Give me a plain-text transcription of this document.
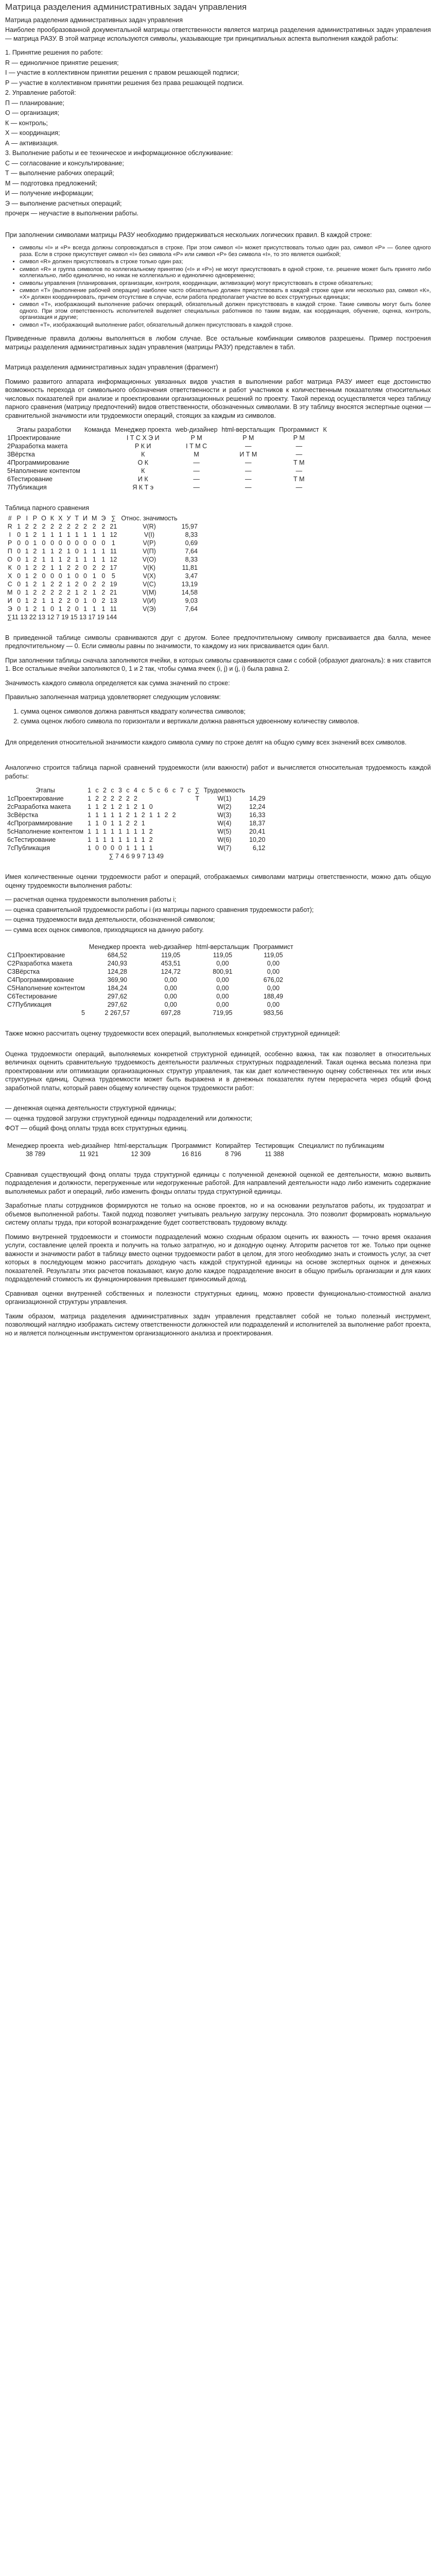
Матрица разделения административных задач управления

Матрица разделения административных задач управления

Наиболее прообразованной документальной матрицы ответственности является матрица разделения административных задач управления — матрица РАЗУ. В этой матрице используются символы, указывающие три принципиальных аспекта выполнения каждой работы:

1. Принятие решения по работе:

R — единоличное принятие решения;

I — участие в коллективном принятии решения с правом решающей подписи;

P — участие в коллективном принятии решения без права решающей подписи.

2. Управление работой:

П — планирование;

О — организация;

К — контроль;

Х — координация;

А — активизация.

3. Выполнение работы и ее техническое и информационное обслуживание:

С — согласование и консультирование;

Т — выполнение рабочих операций;

М — подготовка предложений;

И — получение информации;

Э — выполнение расчетных операций;

прочерк — неучастие в выполнении работы.

При заполнении символами матрицы РАЗУ необходимо придерживаться нескольких логических правил. В каждой строке:

• символы «I» и «P» всегда должны сопровождаться в строке. При этом символ «I» может присутствовать только один раз, символ «P» — более одного раза. Если в строке присутствует символ «I» без символа «P» или символ «P» без символа «I», то это является ошибкой;
• символ «R» должен присутствовать в строке только один раз;
• символ «R» и группа символов по коллегиальному принятию («I» и «P») не могут присутствовать в одной строке, т.е. решение может быть принято либо коллегиально, либо единолично, но никак не коллегиально и единолично одновременно;
• символы управления (планирования, организации, контроля, координации, активизации) могут присутствовать в строке обязательно;
• символ «Т» (выполнение рабочей операции) наиболее часто обязательно должен присутствовать в каждой строке одни или несколько раз, символ «К», «Х» должен координировать, причем отсутствие в случае, если работа предполагает участие во всех структурных единицах;
• символ «Т», изображающий выполнение рабочих операций, обязательный должен присутствовать в каждой строке. Такие символы могут быть более одного. При этом ответственность исполнителей выделяет специальных работников по таким видам, как координация, обучение, оценка, контроль, организация и другие;
• символ «Т», изображающий выполнение работ, обязательный должен присутствовать в каждой строке.

Приведенные правила должны выполняться в любом случае. Все остальные комбинации символов разрешены. Пример построения матрицы разделения административных задач управления (матрицы РАЗУ) представлен в табл.

Матрица разделения административных задач управления (фрагмент)

Помимо развитого аппарата информационных увязанных видов участия в выполнении работ матрица РАЗУ имеет еще достоинство возможность перехода от символьного обозначения ответственности и работ участников к количественным показателям относительных числовых показателей при анализе и проектировании организационных решений по проекту. Такой переход осуществляется через таблицу парного сравнения (матрицу предпочтений) видов ответственности, обозначенных символами. В эту таблицу вносятся экспертные оценки — сравнительной значимости или трудоемкости операций, стоящих за каждым из символов.

Этапы разработки	Команда	Менеджер проекта	web-дизайнер	html-верстальщик	Программист	К
1Проектирование		I Т С Х Э И	Р М	Р М	Р М	
2Разработка макета		Р К И	I Т М С	—	—	
3Вёрстка		К	М	И Т М	—	
4Программирование		О К	—	—	Т М	
5Наполнение контентом		К	—	—	—	
6Тестирование		И К	—	—	Т М	
7Публикация		Я К Т э	—	—	—	

Таблица парного сравнения

#	Р	І	Р	О	К	Х	У	Т	И	М	Э	∑	Отнoс. значимость	
R	1	2	2	2	2	2	2	2	2	2	2	21	V(R)	15,97
I	0	1	2	1	1	1	1	1	1	1	1	12	V(I)	8,33
P	0	0	1	0	0	0	0	0	0	0	0	1	V(P)	0,69
П	0	1	2	1	1	2	1	0	1	1	1	11	V(П)	7,64
О	0	1	2	1	1	1	2	1	1	1	1	12	V(О)	8,33
К	0	1	2	2	1	1	2	2	0	2	2	17	V(К)	11,81
Х	0	1	2	0	0	0	1	0	0	1	0	5	V(Х)	3,47
С	0	1	2	1	2	2	1	2	0	2	2	19	V(С)	13,19
М	0	1	2	2	2	2	2	1	2	1	2	21	V(М)	14,58
И	0	1	2	1	1	2	2	0	1	0	2	13	V(И)	9,03
Э	0	1	2	1	0	1	2	0	1	1	1	11	V(Э)	7,64
∑11 13 22 13 12 7 19 15 13 17 19 144														

В приведенной таблице символы сравниваются друг с другом. Более предпочтительному символу присваивается два балла, менее предпочтительному — 0. Если символы равны по значимости, то каждому из них присваивается один балл.

При заполнении таблицы сначала заполняются ячейки, в которых символы сравниваются сами с собой (образуют диагональ): в них ставится 1. Все остальные ячейки заполняются 0, 1 и 2 так, чтобы сумма ячеек (i, j) и (j, i) была равна 2.

Значимость каждого символа определяется как сумма значений по строке:

Правильно заполненная матрица удовлетворяет следующим условиям:

1. сумма оценок символов должна равняться квадрату количества символов;
2. сумма оценок любого символа по горизонтали и вертикали должна равняться удвоенному количеству символов.

Для определения относительной значимости каждого символа сумму по строке делят на общую сумму всех значений всех символов.

Аналогично строится таблица парной сравнений трудоемкости (или важности) работ и вычисляется относительная трудоемкость каждой работы:

Этапы	1	с	2	с	3	с	4	с	5	с	6	с	7	с	∑	Трудоемкость	
1сПроектирование	1	2	2	2	2	2	2								Т	W(1)	14,29
2сРазработка макета	1	1	2	1	2	1	2	1	0							W(2)	12,24
3сВёрстка	1	1	1	1	1	2	1	2	1	1	2	2				W(3)	16,33
4сПрограммирование	1	1	0	1	1	2	2	1								W(4)	18,37
5сНаполнение контентом	1	1	1	1	1	1	1	1	2							W(5)	20,41
6сТестирование	1	1	1	1	1	1	1	1	2							W(6)	10,20
7сПубликация	1	0	0	0	0	1	1	1	1							W(7)	6,12
∑ 7 4 6 9 9 7 13 49																	

Имея количественные оценки трудоемкости работ и операций, отображаемых символами матрицы ответственности, можно дать общую оценку трудоемкости выполнения работы:

— расчетная оценка трудоемкости выполнения работы i;

— оценка сравнительной трудоемкости работы i (из матрицы парного сравнения трудоемкости работ);

— оценка трудоемкости вида деятельности, обозначенной символом;

— сумма всех оценок символов, приходящихся на данную работу.

	Менеджер проекта	web-дизайнер	html-верстальщик	Программист
С1Проектирование	684,52	119,05	119,05	119,05
С2Разработка макета	240,93	453,51	0,00	0,00
С3Вёрстка	124,28	124,72	800,91	0,00
С4Программирование	369,90	0,00	0,00	676,02
С5Наполнение контентом	184,24	0,00	0,00	0,00
С6Тестирование	297,62	0,00	0,00	188,49
С7Публикация	297,62	0,00	0,00	0,00
5	2 267,57	697,28	719,95	983,56

Также можно рассчитать оценку трудоемкости всех операций, выполняемых конкретной структурной единицей:

Оценка трудоемкости операций, выполняемых конкретной структурной единицей, особенно важна, так как позволяет в относительных величинах оценить сравнительную трудоемкость деятельности различных структурных подразделений. Такая оценка весьма полезна при проектировании или оптимизации организационных структур управления, так как дает количественную оценку собственных тех или иных структурных единиц. Оценка трудоемкости может быть выражена и в денежных показателях путем перерасчета через общий фонд заработной платы, который равен общему количеству оценок трудоемкости работ:

— денежная оценка деятельности структурной единицы;

— оценка трудовой загрузки структурной единицы подразделений или должности;

ФОТ — общий фонд оплаты труда всех структурных единиц.

Менеджер проекта	web-дизайнер	html-верстальщик	Программист	Копирайтер	Тестировщик	Специалист по публикациям
38 789	11 921	12 309	16 816	8 796	11 388	

Сравнивая существующий фонд оплаты труда структурной единицы с полученной денежной оценкой ее деятельности, можно выявить подразделения и должности, перегруженные или недогруженные работой. Для направлений деятельности надо либо изменить содержание выполняемых работ и операций, либо изменить фонды оплаты труда структурной единицы.

Заработные платы сотрудников формируются не только на основе проектов, но и на основании результатов работы, их трудозатрат и объемов выполненной работы. Такой подход позволяет учитывать реальную загрузку персонала. Это позволит формировать нормальную систему оплаты труда, при которой вознаграждение будет соответствовать трудовому вкладу.

Помимо внутренней трудоемкости и стоимости подразделений можно сходным образом оценить их важность — точно время оказания услуги, составление целей проекта и получить на только затратную, но и доходную оценку. Алгоритм расчетов тот же. Только при оценке важности и значимости работ в таблицу вместо оценки трудоемкости работ в целом, для этого необходимо знать и стоимость услуг, за счет которых в последующем можно рассчитать доходную часть каждой структурной единицы на основе экспертных оценок и денежных показателей. Результаты этих расчетов показывают, какую долю каждое подразделение вносит в общую прибыль организации и для каких подразделений стоимость их функционирования превышает приносимый доход.

Сравнивая оценки внутренней собственных и полезности структурных единиц, можно провести функционально-стоимостной анализ организационной структуры управления.

Таким образом, матрица разделения административных задач управления представляет собой не только полезный инструмент, позволяющий наглядно изображать систему ответственности должностей или подразделений и исполнителей за выполнение работ проекта, но и является полноценным инструментом организационного анализа и проектирования.
